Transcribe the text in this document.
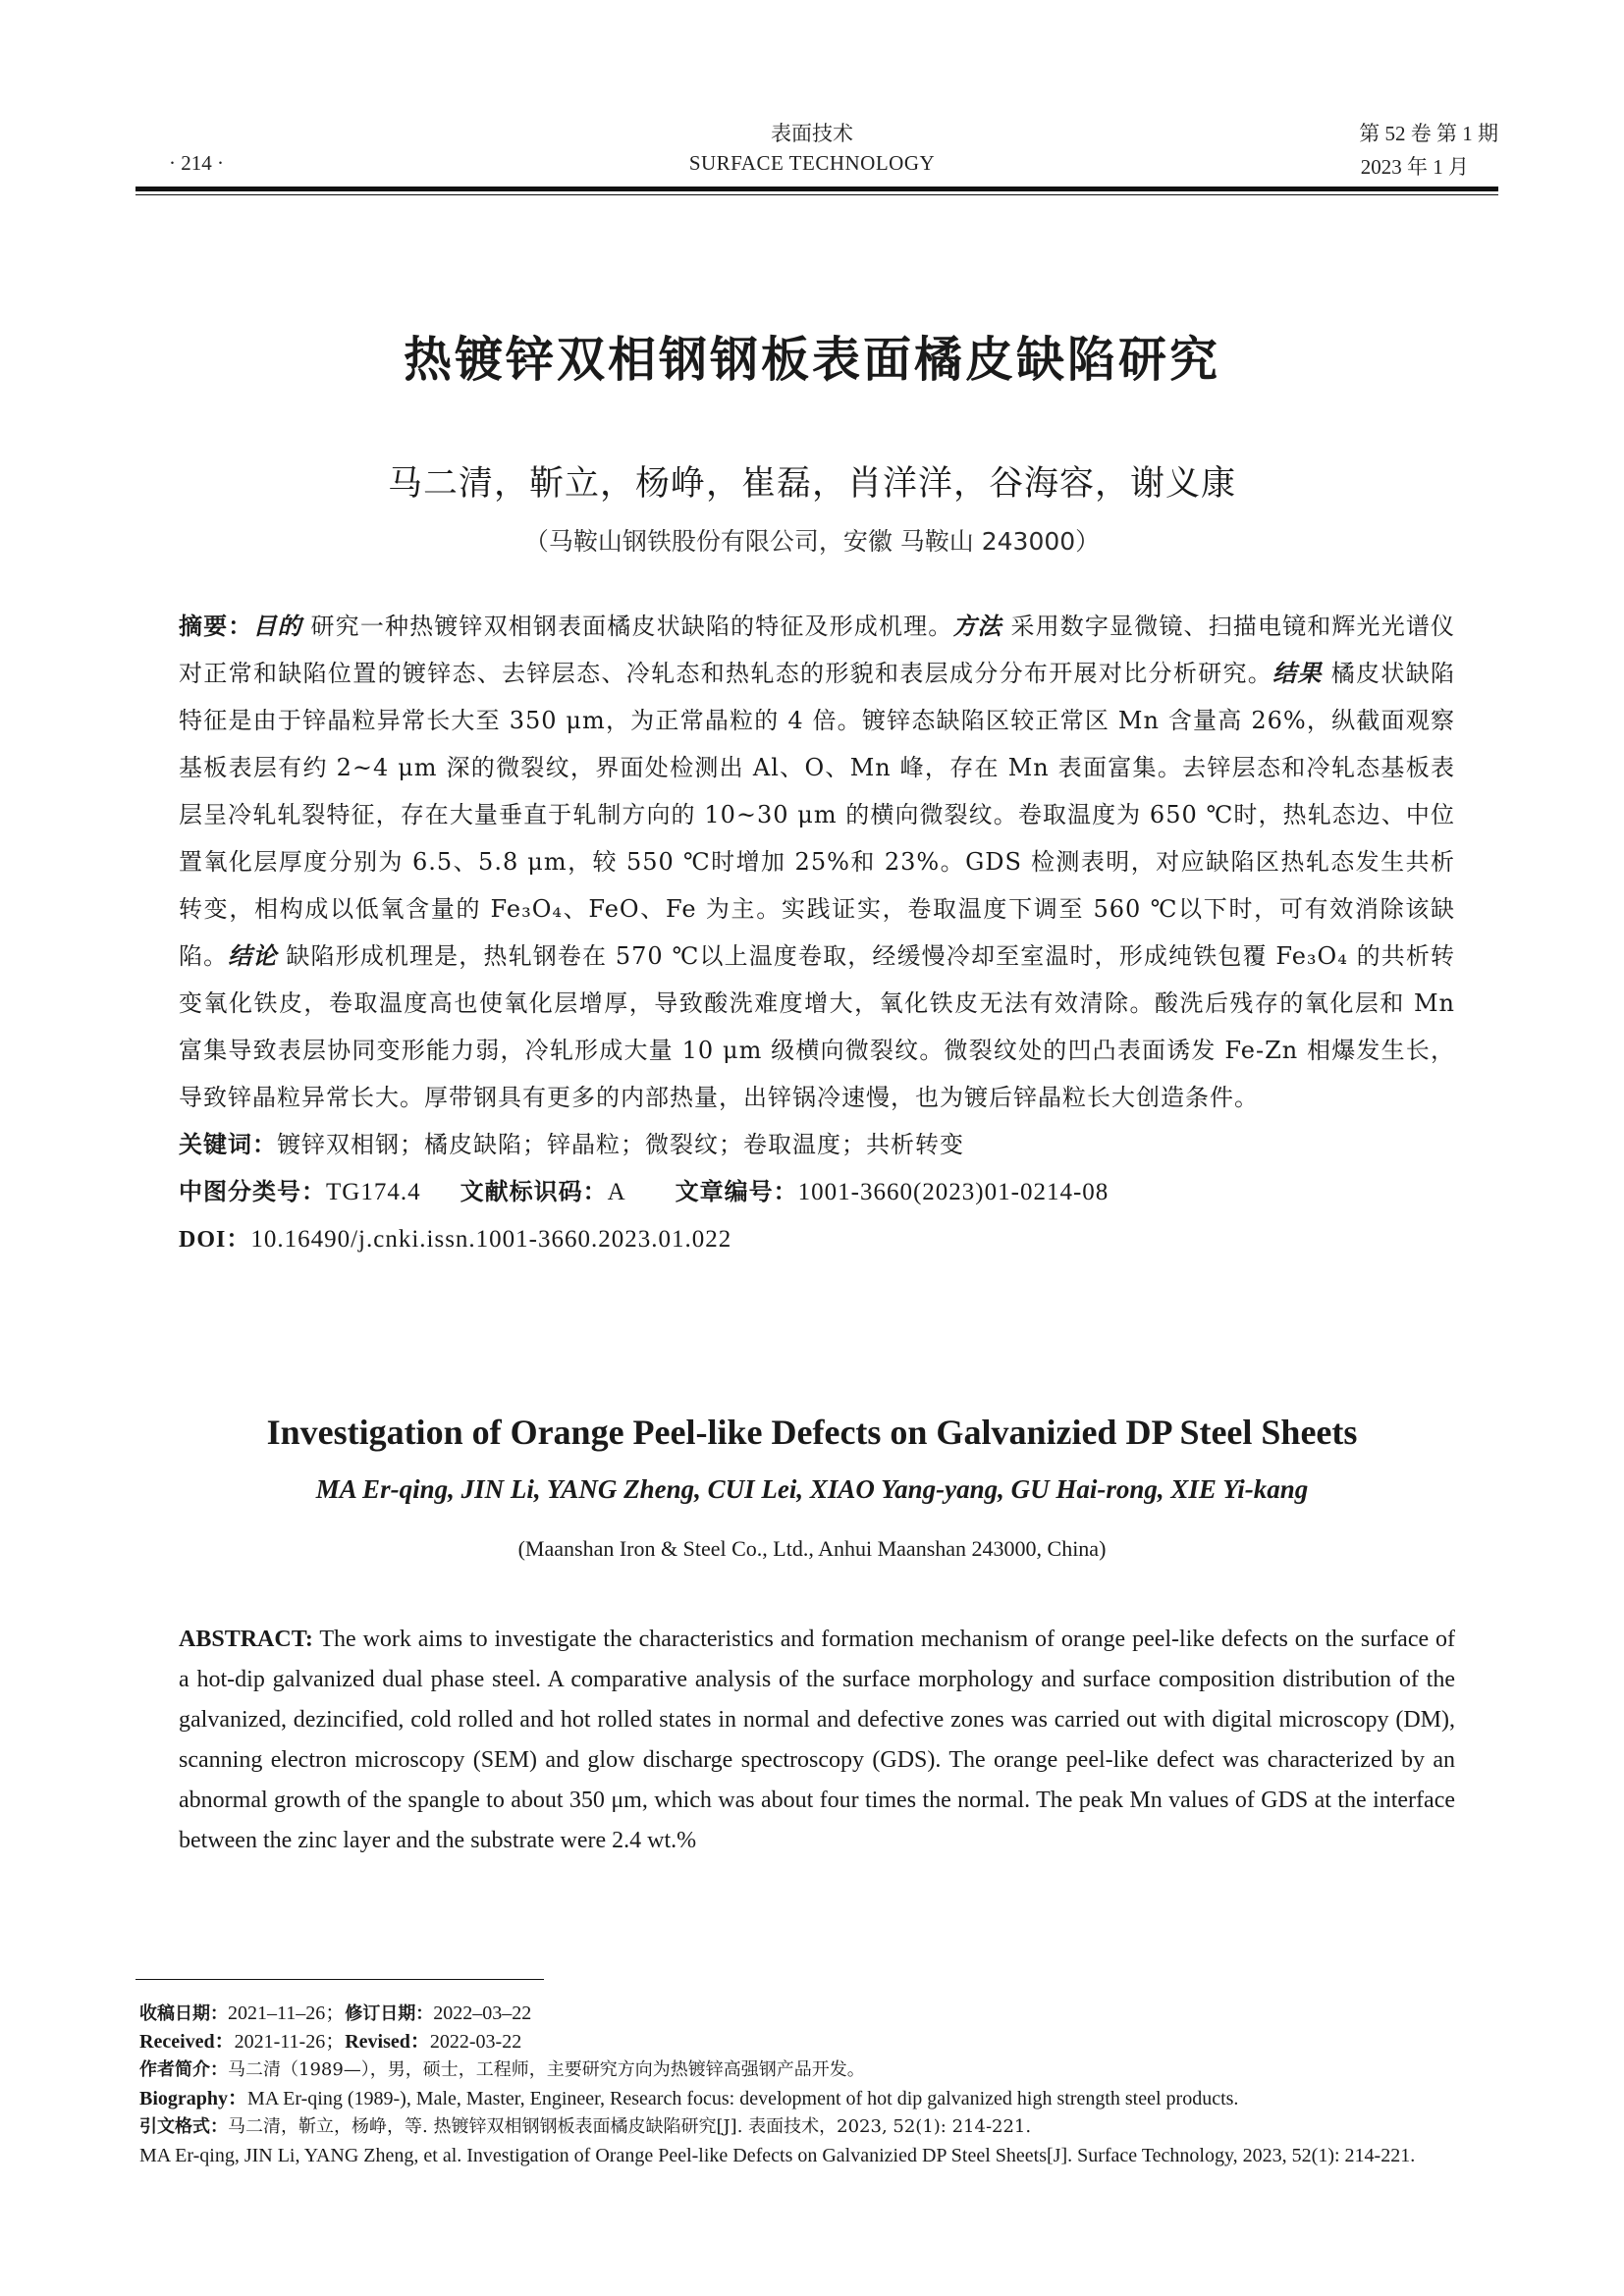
· 214 ·
表面技术
SURFACE TECHNOLOGY
第 52 卷 第 1 期
2023 年 1 月
热镀锌双相钢钢板表面橘皮缺陷研究
马二清，靳立，杨峥，崔磊，肖洋洋，谷海容，谢义康
（马鞍山钢铁股份有限公司，安徽 马鞍山 243000）

摘要：目的 研究一种热镀锌双相钢表面橘皮状缺陷的特征及形成机理。方法 采用数字显微镜、扫描电镜和辉光光谱仪对正常和缺陷位置的镀锌态、去锌层态、冷轧态和热轧态的形貌和表层成分分布开展对比分析研究。结果 橘皮状缺陷特征是由于锌晶粒异常长大至 350 μm，为正常晶粒的 4 倍。镀锌态缺陷区较正常区 Mn 含量高 26%，纵截面观察基板表层有约 2~4 μm 深的微裂纹，界面处检测出 Al、O、Mn 峰，存在 Mn 表面富集。去锌层态和冷轧态基板表层呈冷轧轧裂特征，存在大量垂直于轧制方向的 10~30 μm 的横向微裂纹。卷取温度为 650 ℃时，热轧态边、中位置氧化层厚度分别为 6.5、5.8 μm，较 550 ℃时增加 25%和 23%。GDS 检测表明，对应缺陷区热轧态发生共析转变，相构成以低氧含量的 Fe₃O₄、FeO、Fe 为主。实践证实，卷取温度下调至 560 ℃以下时，可有效消除该缺陷。结论 缺陷形成机理是，热轧钢卷在 570 ℃以上温度卷取，经缓慢冷却至室温时，形成纯铁包覆 Fe₃O₄ 的共析转变氧化铁皮，卷取温度高也使氧化层增厚，导致酸洗难度增大，氧化铁皮无法有效清除。酸洗后残存的氧化层和 Mn 富集导致表层协同变形能力弱，冷轧形成大量 10 μm 级横向微裂纹。微裂纹处的凹凸表面诱发 Fe-Zn 相爆发生长，导致锌晶粒异常长大。厚带钢具有更多的内部热量，出锌锅冷速慢，也为镀后锌晶粒长大创造条件。

关键词：镀锌双相钢；橘皮缺陷；锌晶粒；微裂纹；卷取温度；共析转变

中图分类号：TG174.4 文献标识码：A 文章编号：1001-3660(2023)01-0214-08

DOI：10.16490/j.cnki.issn.1001-3660.2023.01.022

Investigation of Orange Peel-like Defects on Galvanizied DP Steel Sheets
MA Er-qing, JIN Li, YANG Zheng, CUI Lei, XIAO Yang-yang, GU Hai-rong, XIE Yi-kang
(Maanshan Iron & Steel Co., Ltd., Anhui Maanshan 243000, China)
ABSTRACT: The work aims to investigate the characteristics and formation mechanism of orange peel-like defects on the surface of a hot-dip galvanized dual phase steel. A comparative analysis of the surface morphology and surface composition distribution of the galvanized, dezincified, cold rolled and hot rolled states in normal and defective zones was carried out with digital microscopy (DM), scanning electron microscopy (SEM) and glow discharge spectroscopy (GDS). The orange peel-like defect was characterized by an abnormal growth of the spangle to about 350 μm, which was about four times the normal. The peak Mn values of GDS at the interface between the zinc layer and the substrate were 2.4 wt.%
收稿日期：2021–11–26；修订日期：2022–03–22
Received：2021-11-26；Revised：2022-03-22
作者简介：马二清（1989—），男，硕士，工程师，主要研究方向为热镀锌高强钢产品开发。
Biography：MA Er-qing (1989-), Male, Master, Engineer, Research focus: development of hot dip galvanized high strength steel products.
引文格式：马二清，靳立，杨峥，等. 热镀锌双相钢钢板表面橘皮缺陷研究[J]. 表面技术，2023, 52(1): 214-221.
MA Er-qing, JIN Li, YANG Zheng, et al. Investigation of Orange Peel-like Defects on Galvanizied DP Steel Sheets[J]. Surface Technology, 2023, 52(1): 214-221.
